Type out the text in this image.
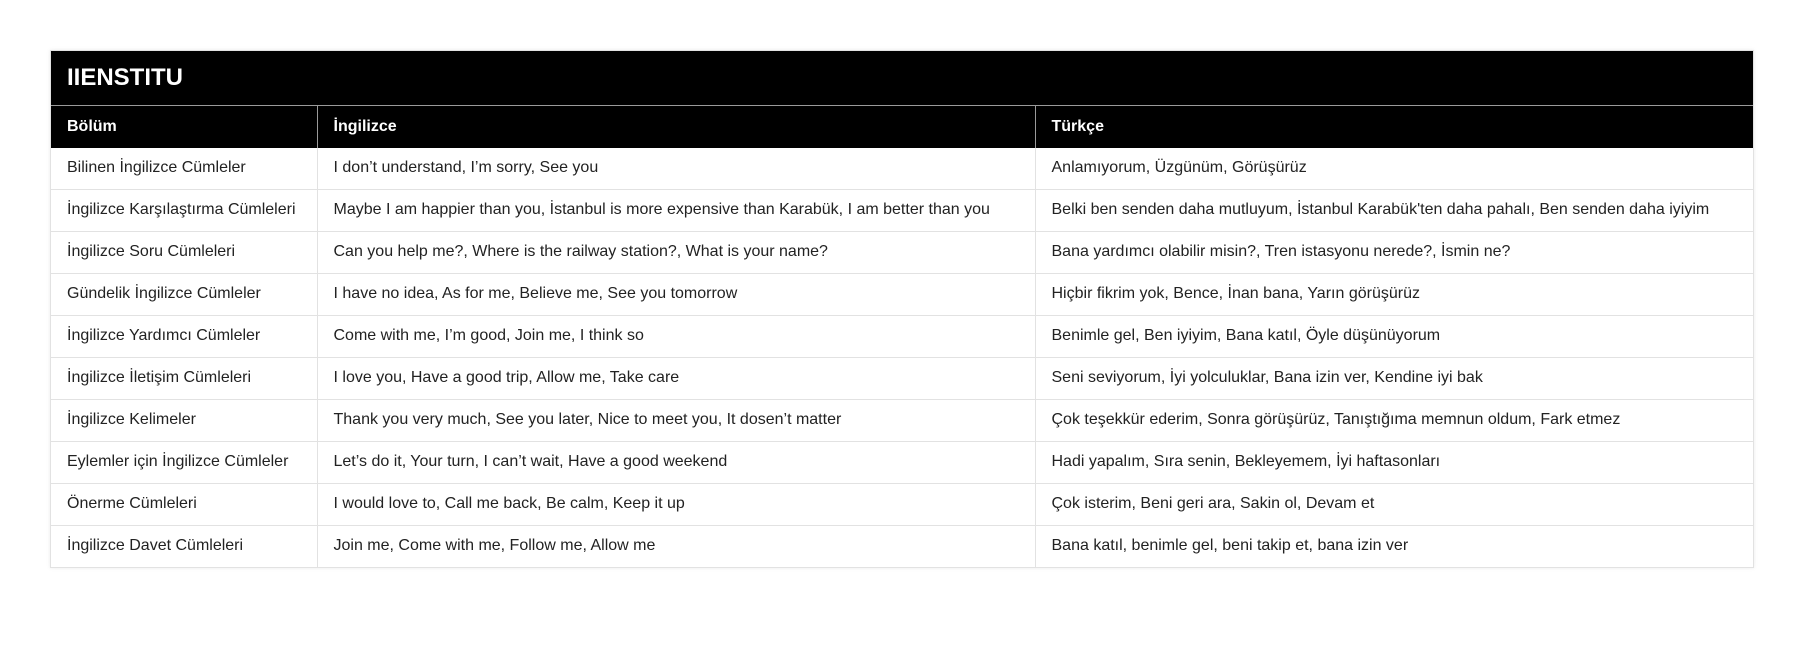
IIENSTITU
Bölüm	İngilizce	Türkçe
Bilinen İngilizce Cümleler	I don’t understand, I’m sorry, See you	Anlamıyorum, Üzgünüm, Görüşürüz
İngilizce Karşılaştırma Cümleleri	Maybe I am happier than you, İstanbul is more expensive than Karabük, I am better than you	Belki ben senden daha mutluyum, İstanbul Karabük'ten daha pahalı, Ben senden daha iyiyim
İngilizce Soru Cümleleri	Can you help me?, Where is the railway station?, What is your name?	Bana yardımcı olabilir misin?, Tren istasyonu nerede?, İsmin ne?
Gündelik İngilizce Cümleler	I have no idea, As for me, Believe me, See you tomorrow	Hiçbir fikrim yok, Bence, İnan bana, Yarın görüşürüz
İngilizce Yardımcı Cümleler	Come with me, I’m good, Join me, I think so	Benimle gel, Ben iyiyim, Bana katıl, Öyle düşünüyorum
İngilizce İletişim Cümleleri	I love you, Have a good trip, Allow me, Take care	Seni seviyorum, İyi yolculuklar, Bana izin ver, Kendine iyi bak
İngilizce Kelimeler	Thank you very much, See you later, Nice to meet you, It dosen’t matter	Çok teşekkür ederim, Sonra görüşürüz, Tanıştığıma memnun oldum, Fark etmez
Eylemler için İngilizce Cümleler	Let’s do it, Your turn, I can’t wait, Have a good weekend	Hadi yapalım, Sıra senin, Bekleyemem, İyi haftasonları
Önerme Cümleleri	I would love to, Call me back, Be calm, Keep it up	Çok isterim, Beni geri ara, Sakin ol, Devam et
İngilizce Davet Cümleleri	Join me, Come with me, Follow me, Allow me	Bana katıl, benimle gel, beni takip et, bana izin ver
